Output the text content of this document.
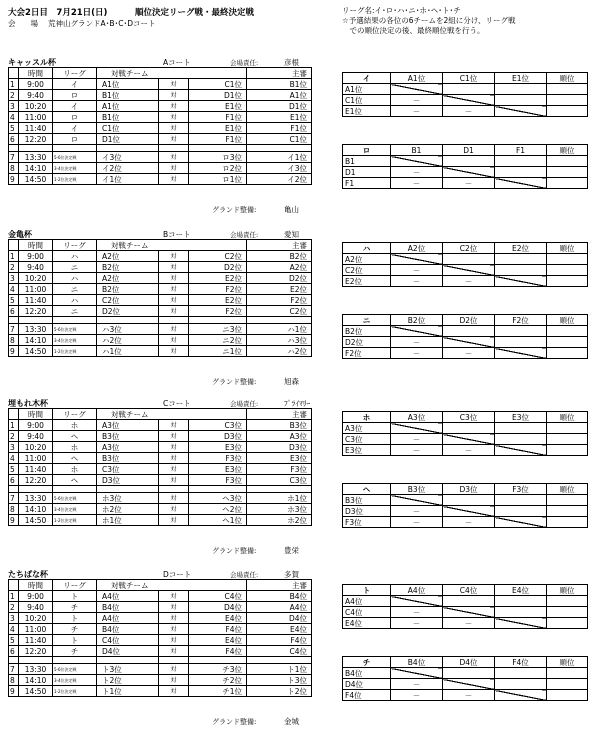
大会2日目　7月21日(日)	順位決定リーグ戦・最終決定戦
会　　場 荒神山グランドA･B･C･Dコート
リーグ名:イ･ロ･ハ･ニ･ホ･ヘ･ト･チ
☆予選結果の各位の6チームを2組に分け、リーグ戦
　での順位決定の後、最終順位戦を行う。
キャッスル杯	Aコート	会場責任:	彦根
	時間	リーグ	対戦チーム			主審
1	9:00	イ	A1位	対	C1位	B1位
2	9:40	ロ	B1位	対	D1位	A1位
3	10:20	イ	A1位	対	E1位	D1位
4	11:00	ロ	B1位	対	F1位	E1位
5	11:40	イ	C1位	対	E1位	F1位
6	12:20	ロ	D1位	対	F1位	C1位

7	13:30	5-6位決定戦	イ3位	対	ロ3位	イ1位
8	14:10	3-4位決定戦	イ2位	対	ロ2位	イ3位
9	14:50	1-2位決定戦	イ1位	対	ロ1位	イ2位
グランド整備:	亀山
イ	A1位	C1位	E1位	順位
A1位				
C1位	－			
E1位	－	－		
ロ	B1	D1	F1	順位
B1				
D1	－			
F1	－	－		
金亀杯	Bコート	会場責任:	愛知
	時間	リーグ	対戦チーム			主審
1	9:00	ハ	A2位	対	C2位	B2位
2	9:40	ニ	B2位	対	D2位	A2位
3	10:20	ハ	A2位	対	E2位	D2位
4	11:00	ニ	B2位	対	F2位	E2位
5	11:40	ハ	C2位	対	E2位	F2位
6	12:20	ニ	D2位	対	F2位	C2位

7	13:30	5-6位決定戦	ハ3位	対	ニ3位	ハ1位
8	14:10	3-4位決定戦	ハ2位	対	ニ2位	ハ3位
9	14:50	1-2位決定戦	ハ1位	対	ニ1位	ハ2位
グランド整備:	旭森
ハ	A2位	C2位	E2位	順位
A2位				
C2位	－			
E2位	－	－		
ニ	B2位	D2位	F2位	順位
B2位				
D2位	－			
F2位	－	－		
埋もれ木杯	Cコート	会場責任:	ﾌﾟﾗｲﾏﾘｰ
	時間	リーグ	対戦チーム			主審
1	9:00	ホ	A3位	対	C3位	B3位
2	9:40	ヘ	B3位	対	D3位	A3位
3	10:20	ホ	A3位	対	E3位	D3位
4	11:00	ヘ	B3位	対	F3位	E3位
5	11:40	ホ	C3位	対	E3位	F3位
6	12:20	ヘ	D3位	対	F3位	C3位

7	13:30	5-6位決定戦	ホ3位	対	ヘ3位	ホ1位
8	14:10	3-4位決定戦	ホ2位	対	ヘ2位	ホ3位
9	14:50	1-2位決定戦	ホ1位	対	ヘ1位	ホ2位
グランド整備:	豊栄
ホ	A3位	C3位	E3位	順位
A3位				
C3位	－			
E3位	－	－		
ヘ	B3位	D3位	F3位	順位
B3位				
D3位	－			
F3位	－	－		
たちばな杯	Dコート	会場責任:	多賀
	時間	リーグ	対戦チーム			主審
1	9:00	ト	A4位	対	C4位	B4位
2	9:40	チ	B4位	対	D4位	A4位
3	10:20	ト	A4位	対	E4位	D4位
4	11:00	チ	B4位	対	F4位	E4位
5	11:40	ト	C4位	対	E4位	F4位
6	12:20	チ	D4位	対	F4位	C4位

7	13:30	5-6位決定戦	ト3位	対	チ3位	ト1位
8	14:10	3-4位決定戦	ト2位	対	チ2位	ト3位
9	14:50	1-2位決定戦	ト1位	対	チ1位	ト2位
グランド整備:	金城
ト	A4位	C4位	E4位	順位
A4位				
C4位	－			
E4位	－	－		
チ	B4位	D4位	F4位	順位
B4位				
D4位	－			
F4位	－	－		
